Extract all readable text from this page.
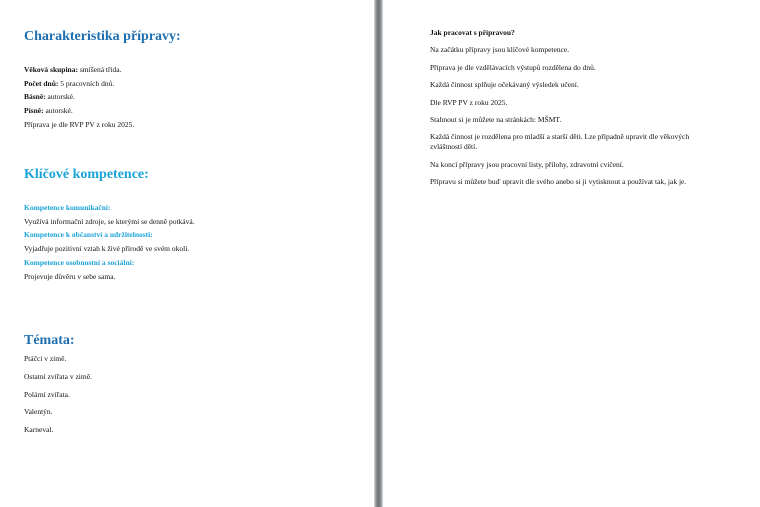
Charakteristika přípravy:
Věková skupina: smíšená třída.
Počet dnů: 5 pracovních dnů.
Básně: autorské.
Písně: autorské.
Příprava je dle RVP PV z roku 2025.
Klíčové kompetence:
Kompetence komunikační:
Využívá informační zdroje, se kterými se denně potkává.
Kompetence k občanství a udržitelnosti:
Vyjadřuje pozitivní vztah k živé přírodě ve svém okolí.
Kompetence osobnostní a sociální:
Projevuje důvěru v sebe sama.
Témata:
Ptáčci v zimě.
Ostatní zvířata v zimě.
Polární zvířata.
Valentýn.
Karneval.
Jak pracovat s přípravou?
Na začátku přípravy jsou klíčové kompetence.
Příprava je dle vzdělávacích výstupů rozdělena do dnů.
Každá činnost splňuje očekávaný výsledek učení.
Dle RVP PV z roku 2025.
Stahnout si je můžete na stránkách: MŠMT.
Každá činnost je rozdělena pro mladší a starší děti. Lze případně upravit dle věkových zvláštností dětí.
Na konci přípravy jsou pracovní listy, přílohy, zdravotní cvičení.
Přípravu si můžete buď upravit dle svého anebo si ji vytisknout a používat tak, jak je.
